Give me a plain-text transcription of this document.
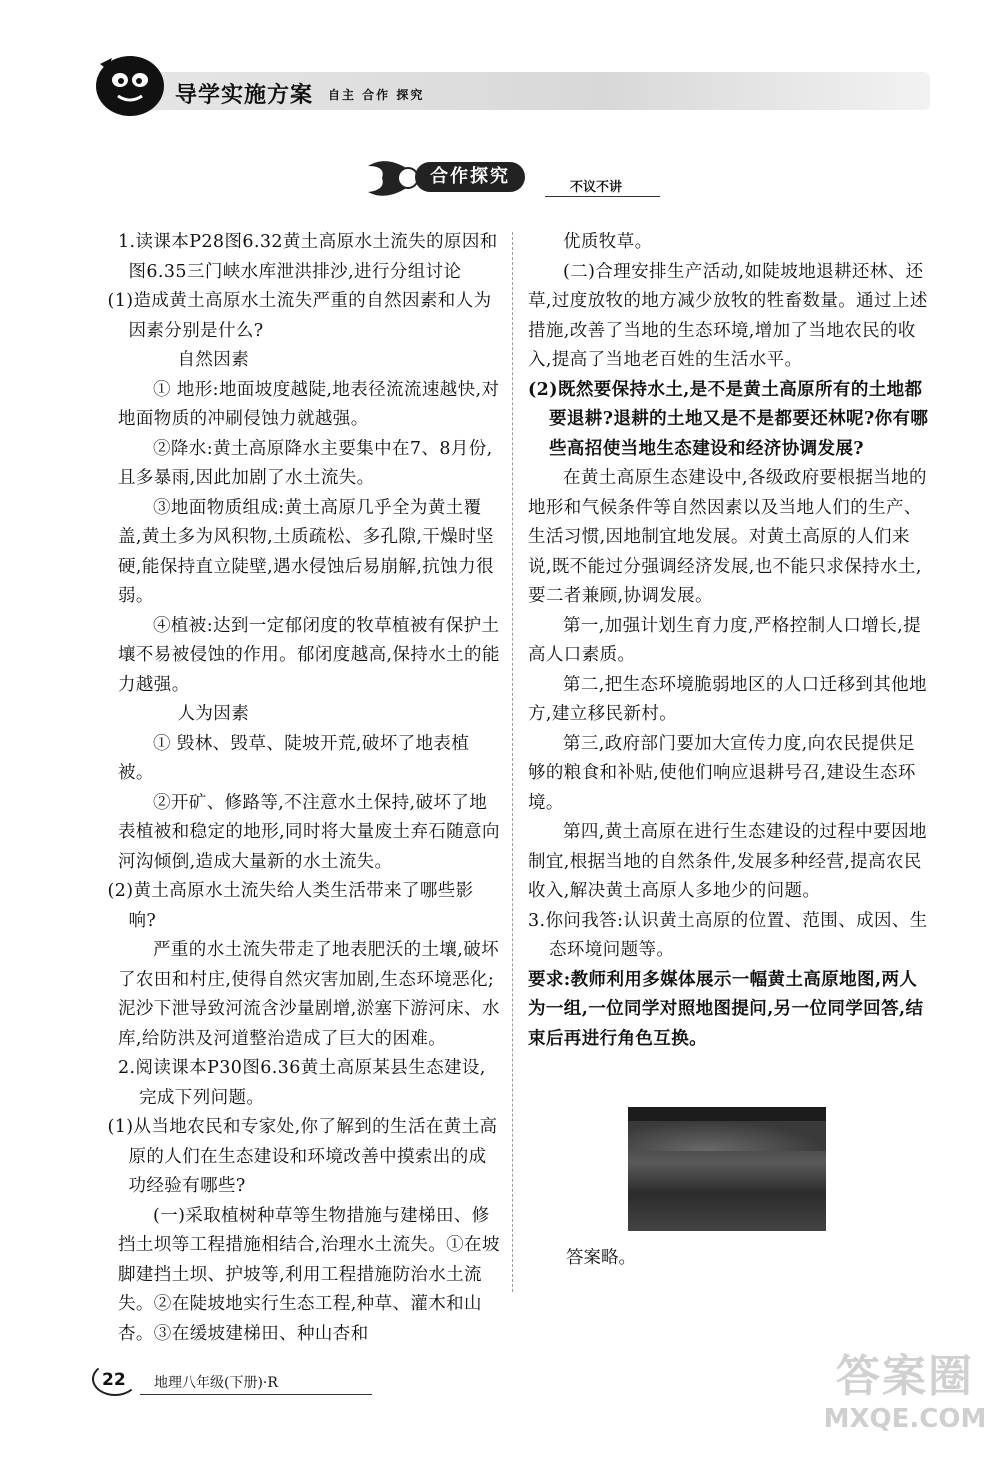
导学实施方案 自主 合作 探究
合作探究
不议不讲

1.读课本P28图6.32黄土高原水土流失的原因和

图6.35三门峡水库泄洪排沙,进行分组讨论

(1)造成黄土高原水土流失严重的自然因素和人为因素分别是什么?

自然因素

① 地形:地面坡度越陡,地表径流流速越快,对地面物质的冲刷侵蚀力就越强。

②降水:黄土高原降水主要集中在7、8月份,且多暴雨,因此加剧了水土流失。

③地面物质组成:黄土高原几乎全为黄土覆盖,黄土多为风积物,土质疏松、多孔隙,干燥时坚硬,能保持直立陡壁,遇水侵蚀后易崩解,抗蚀力很弱。

④植被:达到一定郁闭度的牧草植被有保护土壤不易被侵蚀的作用。郁闭度越高,保持水土的能力越强。

人为因素

① 毁林、毁草、陡坡开荒,破坏了地表植被。

②开矿、修路等,不注意水土保持,破坏了地表植被和稳定的地形,同时将大量废土弃石随意向河沟倾倒,造成大量新的水土流失。

(2)黄土高原水土流失给人类生活带来了哪些影响?

严重的水土流失带走了地表肥沃的土壤,破坏了农田和村庄,使得自然灾害加剧,生态环境恶化;泥沙下泄导致河流含沙量剧增,淤塞下游河床、水库,给防洪及河道整治造成了巨大的困难。

2.阅读课本P30图6.36黄土高原某县生态建设,完成下列问题。

(1)从当地农民和专家处,你了解到的生活在黄土高原的人们在生态建设和环境改善中摸索出的成功经验有哪些?

(一)采取植树种草等生物措施与建梯田、修挡土坝等工程措施相结合,治理水土流失。①在坡脚建挡土坝、护坡等,利用工程措施防治水土流失。②在陡坡地实行生态工程,种草、灌木和山杏。③在缓坡建梯田、种山杏和

优质牧草。

(二)合理安排生产活动,如陡坡地退耕还林、还草,过度放牧的地方减少放牧的牲畜数量。通过上述措施,改善了当地的生态环境,增加了当地农民的收入,提高了当地老百姓的生活水平。

(2)既然要保持水土,是不是黄土高原所有的土地都要退耕?退耕的土地又是不是都要还林呢?你有哪些高招使当地生态建设和经济协调发展?

在黄土高原生态建设中,各级政府要根据当地的地形和气候条件等自然因素以及当地人们的生产、生活习惯,因地制宜地发展。对黄土高原的人们来说,既不能过分强调经济发展,也不能只求保持水土,要二者兼顾,协调发展。

第一,加强计划生育力度,严格控制人口增长,提高人口素质。

第二,把生态环境脆弱地区的人口迁移到其他地方,建立移民新村。

第三,政府部门要加大宣传力度,向农民提供足够的粮食和补贴,使他们响应退耕号召,建设生态环境。

第四,黄土高原在进行生态建设的过程中要因地制宜,根据当地的自然条件,发展多种经营,提高农民收入,解决黄土高原人多地少的问题。

3.你问我答:认识黄土高原的位置、范围、成因、生态环境问题等。

要求:教师利用多媒体展示一幅黄土高原地图,两人为一组,一位同学对照地图提问,另一位同学回答,结束后再进行角色互换。

答案略。
22 地理八年级(下册)·R	答案圈
MXQE.COM
